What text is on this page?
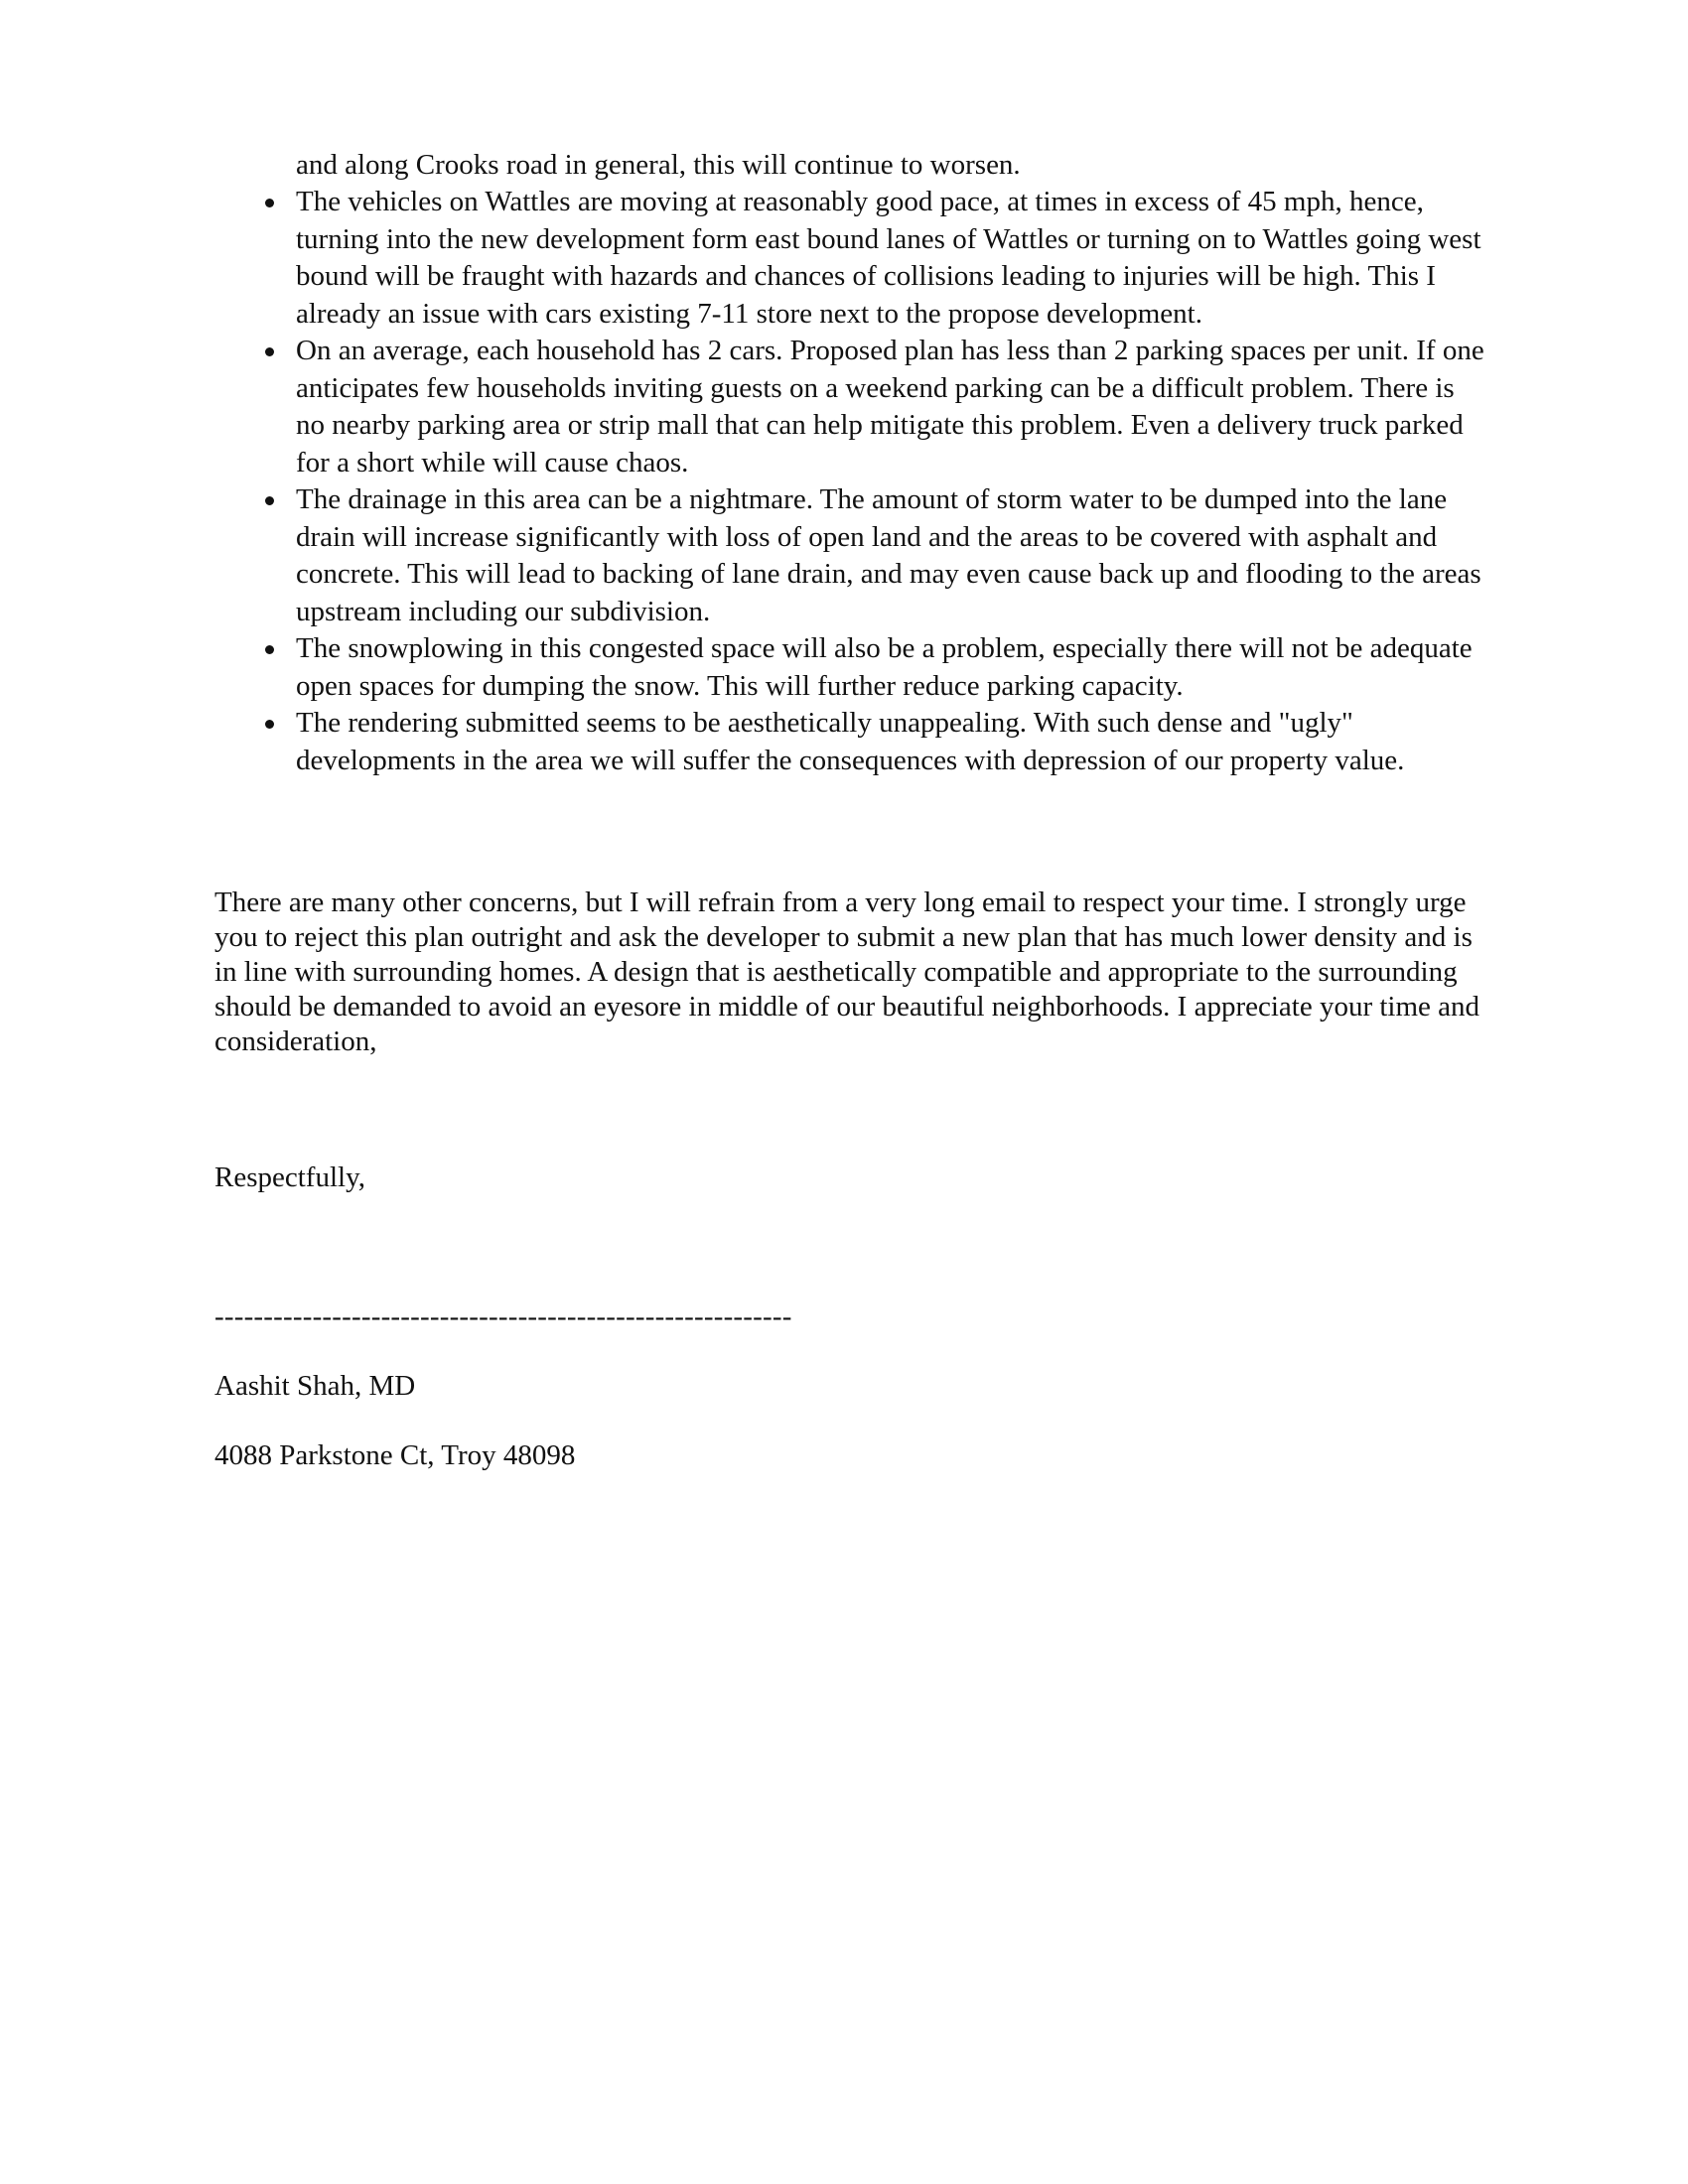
and along Crooks road in general, this will continue to worsen.

The vehicles on Wattles are moving at reasonably good pace, at times in excess of 45 mph, hence, turning into the new development form east bound lanes of Wattles or turning on to Wattles going west bound will be fraught with hazards and chances of collisions leading to injuries will be high. This I already an issue with cars existing 7-11 store next to the propose development.
On an average, each household has 2 cars. Proposed plan has less than 2 parking spaces per unit. If one anticipates few households inviting guests on a weekend parking can be a difficult problem. There is no nearby parking area or strip mall that can help mitigate this problem. Even a delivery truck parked for a short while will cause chaos.
The drainage in this area can be a nightmare. The amount of storm water to be dumped into the lane drain will increase significantly with loss of open land and the areas to be covered with asphalt and concrete. This will lead to backing of lane drain, and may even cause back up and flooding to the areas upstream including our subdivision.
The snowplowing in this congested space will also be a problem, especially there will not be adequate open spaces for dumping the snow. This will further reduce parking capacity.
The rendering submitted seems to be aesthetically unappealing. With such dense and "ugly" developments in the area we will suffer the consequences with depression of our property value.

There are many other concerns, but I will refrain from a very long email to respect your time. I strongly urge you to reject this plan outright and ask the developer to submit a new plan that has much lower density and is in line with surrounding homes. A design that is aesthetically compatible and appropriate to the surrounding should be demanded to avoid an eyesore in middle of our beautiful neighborhoods. I appreciate your time and consideration,

Respectfully,

-----------------------------------------------------------

Aashit Shah, MD

4088 Parkstone Ct, Troy 48098
